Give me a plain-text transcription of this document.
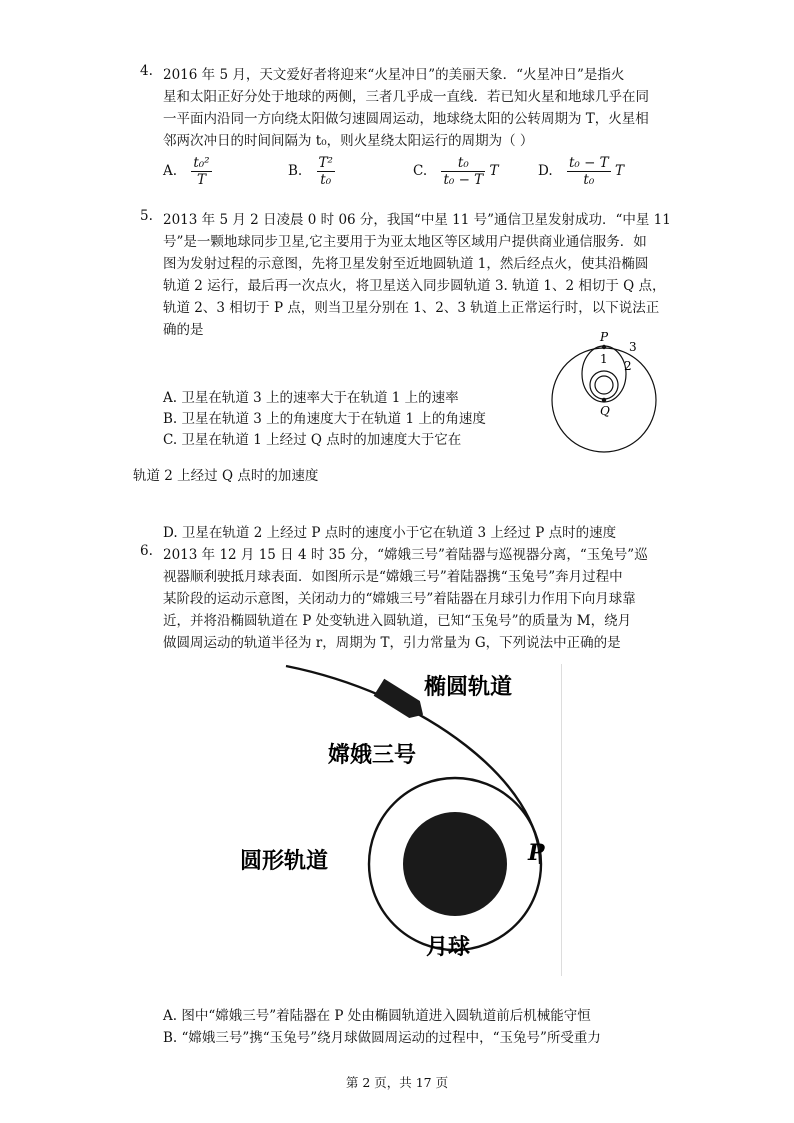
4. 2016 年 5 月，天文爱好者将迎来“火星冲日”的美丽天象．“火星冲日”是指火
星和太阳正好分处于地球的两侧，三者几乎成一直线．若已知火星和地球几乎在同
一平面内沿同一方向绕太阳做匀速圆周运动，地球绕太阳的公转周期为 T，火星相
邻两次冲日的时间间隔为 t₀，则火星绕太阳运行的周期为（ ）
A. $\frac{\text{t₀²}}{T}$	B. $\frac{\text{T²}}{\text{t₀}}$	C. $\frac{\text{t₀}}{\text{t₀ − T}}$ T	D. $\frac{\text{t₀ − T}}{\text{t₀}}$ T
5. 2013 年 5 月 2 日凌晨 0 时 06 分，我国“中星 11 号”通信卫星发射成功．“中星 11
号”是一颗地球同步卫星,它主要用于为亚太地区等区域用户提供商业通信服务．如
图为发射过程的示意图，先将卫星发射至近地圆轨道 1，然后经点火，使其沿椭圆
轨道 2 运行，最后再一次点火，将卫星送入同步圆轨道 3. 轨道 1、2 相切于 Q 点，
轨道 2、3 相切于 P 点，则当卫星分别在 1、2、3 轨道上正常运行时，以下说法正
确的是	P
Q
1 2
3
A. 卫星在轨道 3 上的速率大于在轨道 1 上的速率
B. 卫星在轨道 3 上的角速度大于在轨道 1 上的角速度
C. 卫星在轨道 1 上经过 Q 点时的加速度大于它在
轨道 2 上经过 Q 点时的加速度
D. 卫星在轨道 2 上经过 P 点时的速度小于它在轨道 3 上经过 P 点时的速度
6. 2013 年 12 月 15 日 4 时 35 分，“嫦娥三号”着陆器与巡视器分离，“玉兔号”巡
视器顺利驶抵月球表面．如图所示是“嫦娥三号”着陆器携“玉兔号”奔月过程中
某阶段的运动示意图，关闭动力的“嫦娥三号”着陆器在月球引力作用下向月球靠
近，并将沿椭圆轨道在 P 处变轨进入圆轨道，已知“玉兔号”的质量为 M，绕月
做圆周运动的轨道半径为 r，周期为 T，引力常量为 G，下列说法中正确的是
椭圆轨道
嫦娥三号
圆形轨道
月球
P
A. 图中“嫦娥三号”着陆器在 P 处由椭圆轨道进入圆轨道前后机械能守恒
B. “嫦娥三号”携“玉兔号”绕月球做圆周运动的过程中，“玉兔号”所受重力
第 2 页，共 17 页
